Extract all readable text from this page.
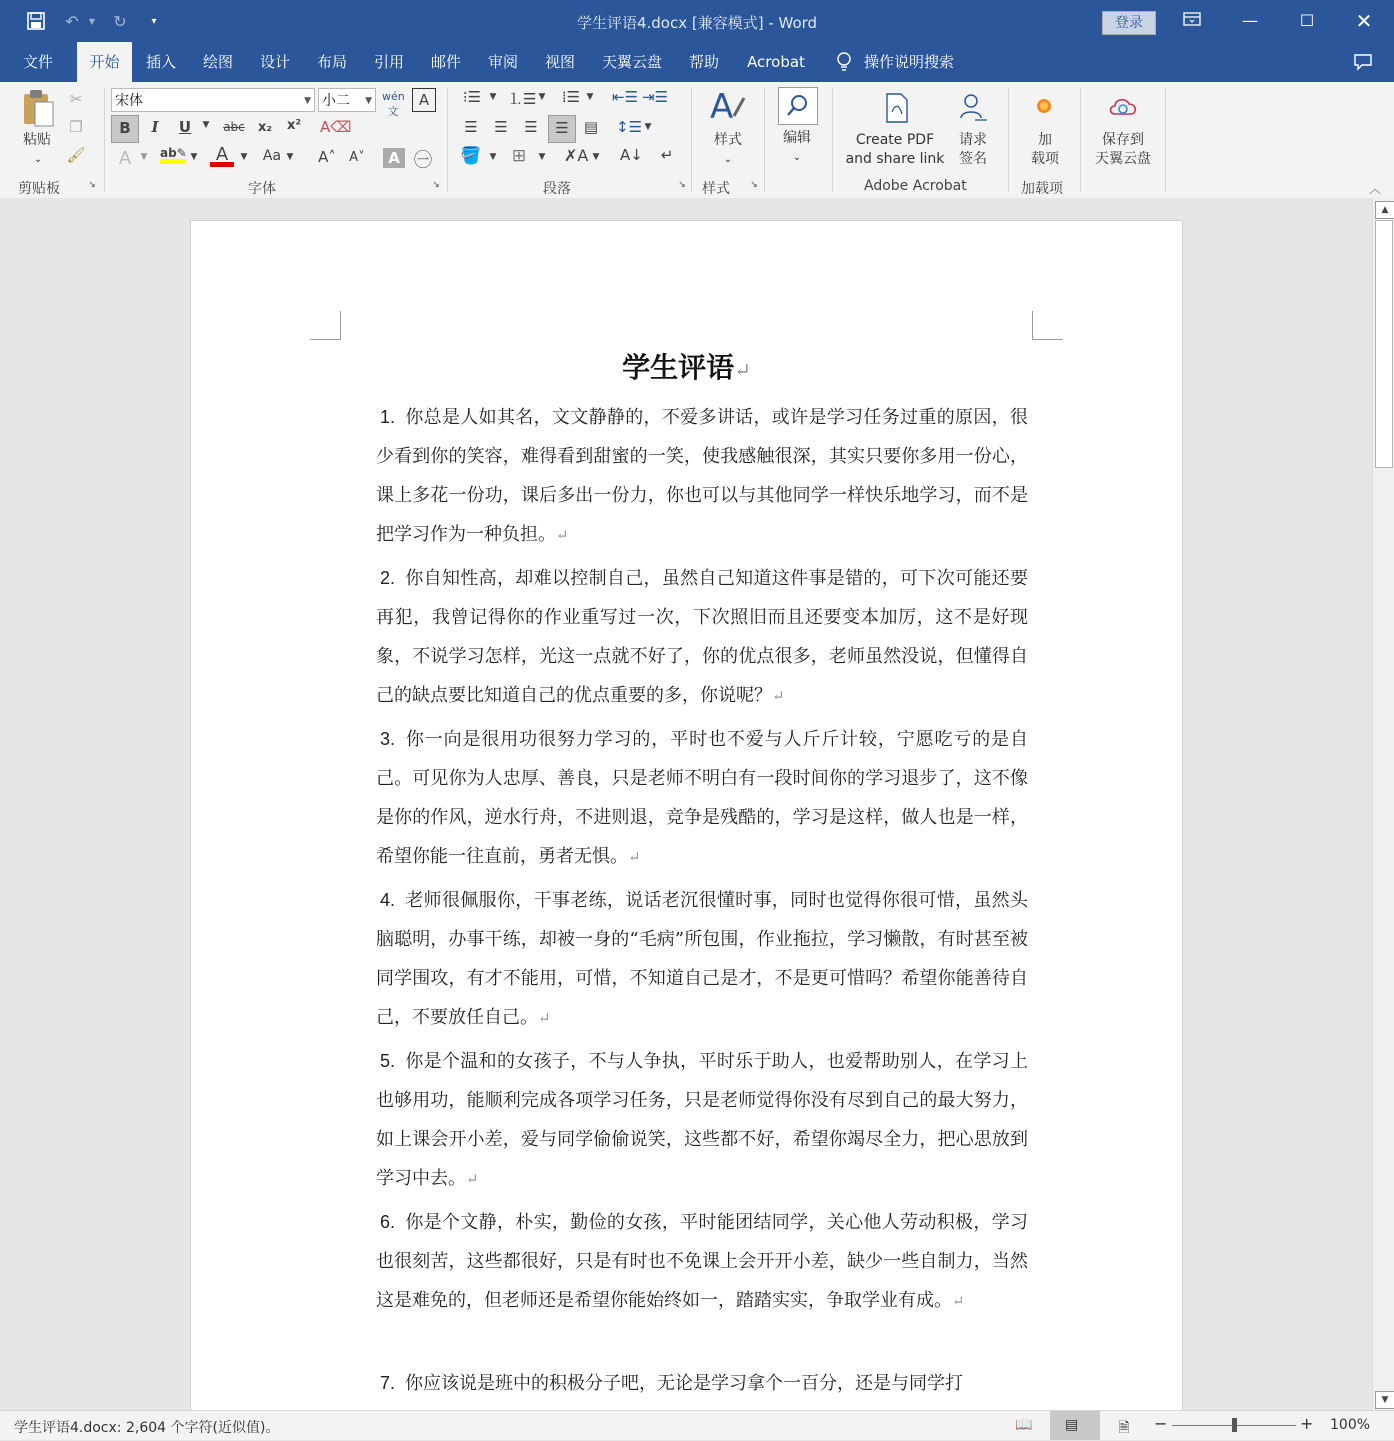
↶	▼	↻	▾	学生评语4.docx [兼容模式] - Word	登录	—	☐	✕
文件	开始	插入	绘图	设计	布局	引用	邮件	审阅	视图	天翼云盘	帮助	Acrobat	操作说明搜索
粘贴
⌄
✂
❐
🖌
剪贴板	↘
宋体	▼ 小二 ▼ wén文
A
B	I	U	▼ abc x₂ x² A⌫
A	▼ ab✎ ▼	A	▼ Aa ▼ A˄ A˅	A ㊀
字体	↘
⁝☰ ▼ ⒈☰ ▼ ⁞☰ ▼ ⇤☰ ⇥☰
☰ ☰ ☰	☰	▤ ↕☰ ▼
🪣 ▼ ⊞	▼ ✗A ▼ A↓	↵
段落	↘
A
样式
⌄
样式 ↘
编辑
⌄
Create PDF
and share link
请求
签名
Adobe Acrobat
加
载项
加载项
保存到
天翼云盘
︿
学生评语↵
1. 你总是人如其名，文文静静的，不爱多讲话，或许是学习任务过重的原因，很少看到你的笑容，难得看到甜蜜的一笑，使我感触很深，其实只要你多用一份心，课上多花一份功，课后多出一份力，你也可以与其他同学一样快乐地学习，而不是把学习作为一种负担。↵
2. 你自知性高，却难以控制自己，虽然自己知道这件事是错的，可下次可能还要再犯，我曾记得你的作业重写过一次，下次照旧而且还要变本加厉，这不是好现象，不说学习怎样，光这一点就不好了，你的优点很多，老师虽然没说，但懂得自己的缺点要比知道自己的优点重要的多，你说呢？↵
3. 你一向是很用功很努力学习的，平时也不爱与人斤斤计较，宁愿吃亏的是自己。可见你为人忠厚、善良，只是老师不明白有一段时间你的学习退步了，这不像是你的作风，逆水行舟，不进则退，竞争是残酷的，学习是这样，做人也是一样，希望你能一往直前，勇者无惧。↵
4. 老师很佩服你，干事老练，说话老沉很懂时事，同时也觉得你很可惜，虽然头脑聪明，办事干练，却被一身的“毛病”所包围，作业拖拉，学习懒散，有时甚至被同学围攻，有才不能用，可惜，不知道自己是才，不是更可惜吗？希望你能善待自己，不要放任自己。↵
5. 你是个温和的女孩子，不与人争执，平时乐于助人，也爱帮助别人，在学习上也够用功，能顺利完成各项学习任务，只是老师觉得你没有尽到自己的最大努力，如上课会开小差，爱与同学偷偷说笑，这些都不好，希望你竭尽全力，把心思放到学习中去。↵
6. 你是个文静，朴实，勤俭的女孩，平时能团结同学，关心他人劳动积极，学习也很刻苦，这些都很好，只是有时也不免课上会开开小差，缺少一些自制力，当然这是难免的，但老师还是希望你能始终如一，踏踏实实，争取学业有成。↵
7. 你应该说是班中的积极分子吧，无论是学习拿个一百分，还是与同学打
▲
▼
学生评语4.docx: 2,604 个字符(近似值)。	📖 ▤	🗎 −	+ 100%
